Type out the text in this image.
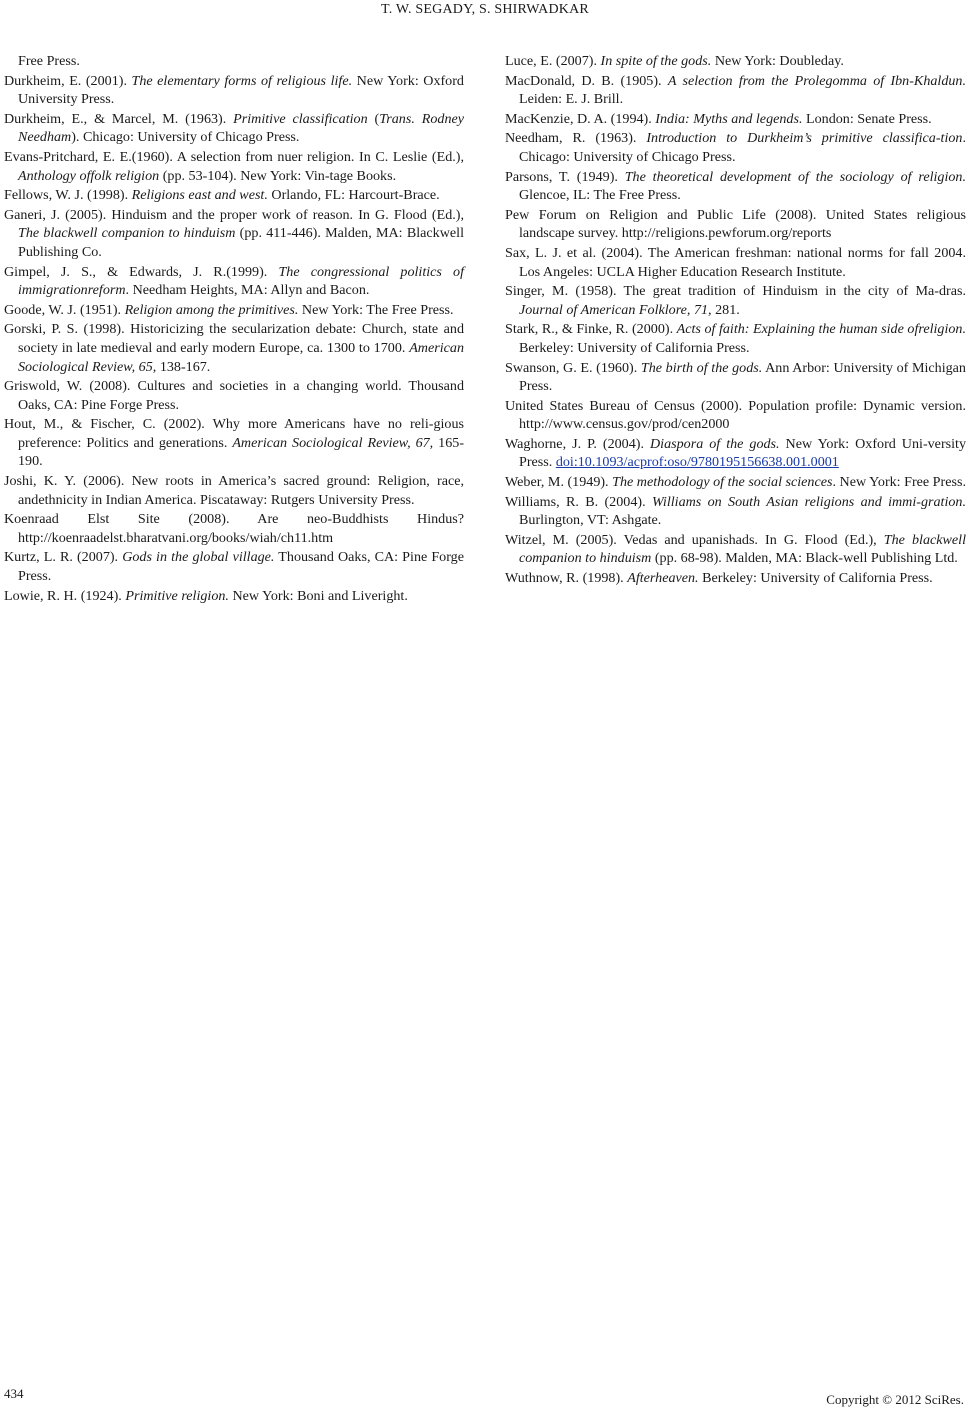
T. W. SEGADY, S. SHIRWADKAR

Free Press.

Durkheim, E. (2001). The elementary forms of religious life. New York: Oxford University Press.

Durkheim, E., & Marcel, M. (1963). Primitive classification (Trans. Rodney Needham). Chicago: University of Chicago Press.

Evans-Pritchard, E. E.(1960). A selection from nuer religion. In C. Leslie (Ed.), Anthology offolk religion (pp. 53-104). New York: Vin-tage Books.

Fellows, W. J. (1998). Religions east and west. Orlando, FL: Harcourt-Brace.

Ganeri, J. (2005). Hinduism and the proper work of reason. In G. Flood (Ed.), The blackwell companion to hinduism (pp. 411-446). Malden, MA: Blackwell Publishing Co.

Gimpel, J. S., & Edwards, J. R.(1999). The congressional politics of immigrationreform. Needham Heights, MA: Allyn and Bacon.

Goode, W. J. (1951). Religion among the primitives. New York: The Free Press.

Gorski, P. S. (1998). Historicizing the secularization debate: Church, state and society in late medieval and early modern Europe, ca. 1300 to 1700. American Sociological Review, 65, 138-167.

Griswold, W. (2008). Cultures and societies in a changing world. Thousand Oaks, CA: Pine Forge Press.

Hout, M., & Fischer, C. (2002). Why more Americans have no reli-gious preference: Politics and generations. American Sociological Review, 67, 165-190.

Joshi, K. Y. (2006). New roots in America’s sacred ground: Religion, race, andethnicity in Indian America. Piscataway: Rutgers University Press.

Koenraad Elst Site (2008). Are neo-Buddhists Hindus? http://koenraadelst.bharatvani.org/books/wiah/ch11.htm

Kurtz, L. R. (2007). Gods in the global village. Thousand Oaks, CA: Pine Forge Press.

Lowie, R. H. (1924). Primitive religion. New York: Boni and Liveright.

Luce, E. (2007). In spite of the gods. New York: Doubleday.

MacDonald, D. B. (1905). A selection from the Prolegomma of Ibn-Khaldun. Leiden: E. J. Brill.

MacKenzie, D. A. (1994). India: Myths and legends. London: Senate Press.

Needham, R. (1963). Introduction to Durkheim’s primitive classifica-tion. Chicago: University of Chicago Press.

Parsons, T. (1949). The theoretical development of the sociology of religion. Glencoe, IL: The Free Press.

Pew Forum on Religion and Public Life (2008). United States religious landscape survey. http://religions.pewforum.org/reports

Sax, L. J. et al. (2004). The American freshman: national norms for fall 2004. Los Angeles: UCLA Higher Education Research Institute.

Singer, M. (1958). The great tradition of Hinduism in the city of Ma-dras. Journal of American Folklore, 71, 281.

Stark, R., & Finke, R. (2000). Acts of faith: Explaining the human side ofreligion. Berkeley: University of California Press.

Swanson, G. E. (1960). The birth of the gods. Ann Arbor: University of Michigan Press.

United States Bureau of Census (2000). Population profile: Dynamic version. http://www.census.gov/prod/cen2000

Waghorne, J. P. (2004). Diaspora of the gods. New York: Oxford Uni-versity Press. doi:10.1093/acprof:oso/9780195156638.001.0001

Weber, M. (1949). The methodology of the social sciences. New York: Free Press.

Williams, R. B. (2004). Williams on South Asian religions and immi-gration. Burlington, VT: Ashgate.

Witzel, M. (2005). Vedas and upanishads. In G. Flood (Ed.), The blackwell companion to hinduism (pp. 68-98). Malden, MA: Black-well Publishing Ltd.

Wuthnow, R. (1998). Afterheaven. Berkeley: University of California Press.

434	Copyright © 2012 SciRes.
